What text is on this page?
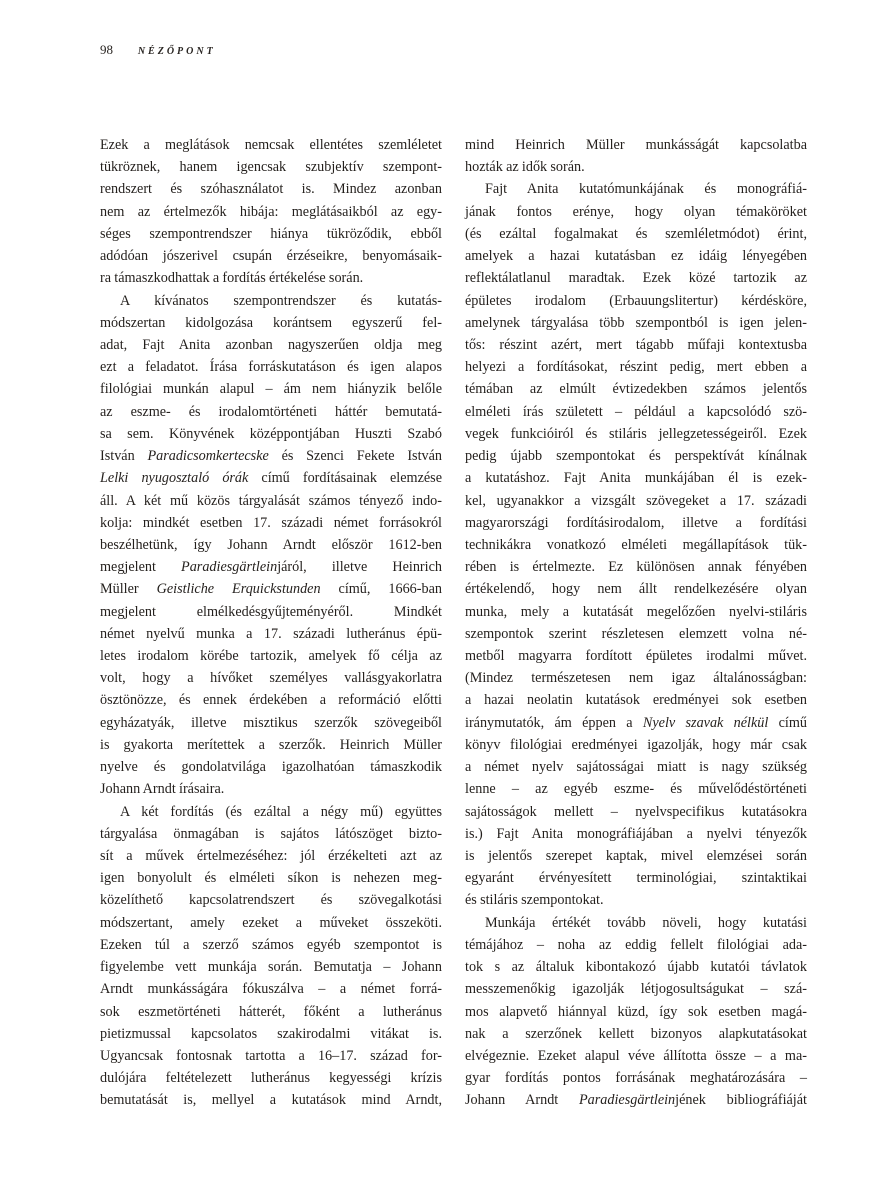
98 NÉZŐPONT
Ezek a meglátások nemcsak ellentétes szemléletet
tükröznek, hanem igencsak szubjektív szempont-
rendszert és szóhasználatot is. Mindez azonban
nem az értelmezők hibája: meglátásaikból az egy-
séges szempontrendszer hiánya tükröződik, ebből
adódóan jószerivel csupán érzéseikre, benyomásaik-
ra támaszkodhattak a fordítás értékelése során.
A kívánatos szempontrendszer és kutatás-
módszertan kidolgozása korántsem egyszerű fel-
adat, Fajt Anita azonban nagyszerűen oldja meg
ezt a feladatot. Írása forráskutatáson és igen alapos
filológiai munkán alapul – ám nem hiányzik belőle
az eszme- és irodalomtörténeti háttér bemutatá-
sa sem. Könyvének középpontjában Huszti Szabó
István Paradicsomkertecske és Szenci Fekete István
Lelki nyugosztaló órák című fordításainak elemzése
áll. A két mű közös tárgyalását számos tényező indo-
kolja: mindkét esetben 17. századi német forrásokról
beszélhetünk, így Johann Arndt először 1612-ben
megjelent Paradiesgärtleinjáról, illetve Heinrich
Müller Geistliche Erquickstunden című, 1666-ban
megjelent elmélkedésgyűjteményéről. Mindkét
német nyelvű munka a 17. századi lutheránus épü-
letes irodalom körébe tartozik, amelyek fő célja az
volt, hogy a hívőket személyes vallásgyakorlatra
ösztönözze, és ennek érdekében a reformáció előtti
egyházatyák, illetve misztikus szerzők szövegeiből
is gyakorta merítettek a szerzők. Heinrich Müller
nyelve és gondolatvilága igazolhatóan támaszkodik
Johann Arndt írásaira.
A két fordítás (és ezáltal a négy mű) együttes
tárgyalása önmagában is sajátos látószöget bizto-
sít a művek értelmezéséhez: jól érzékelteti azt az
igen bonyolult és elméleti síkon is nehezen meg-
közelíthető kapcsolatrendszert és szövegalkotási
módszertant, amely ezeket a műveket összeköti.
Ezeken túl a szerző számos egyéb szempontot is
figyelembe vett munkája során. Bemutatja – Johann
Arndt munkásságára fókuszálva – a német forrá-
sok eszmetörténeti hátterét, főként a lutheránus
pietizmussal kapcsolatos szakirodalmi vitákat is.
Ugyancsak fontosnak tartotta a 16–17. század for-
dulójára feltételezett lutheránus kegyességi krízis
bemutatását is, mellyel a kutatások mind Arndt,
mind Heinrich Müller munkásságát kapcsolatba
hozták az idők során.
Fajt Anita kutatómunkájának és monográfiá-
jának fontos erénye, hogy olyan témaköröket
(és ezáltal fogalmakat és szemléletmódot) érint,
amelyek a hazai kutatásban ez idáig lényegében
reflektálatlanul maradtak. Ezek közé tartozik az
épületes irodalom (Erbauungslitertur) kérdésköre,
amelynek tárgyalása több szempontból is igen jelen-
tős: részint azért, mert tágabb műfaji kontextusba
helyezi a fordításokat, részint pedig, mert ebben a
témában az elmúlt évtizedekben számos jelentős
elméleti írás született – például a kapcsolódó szö-
vegek funkcióiról és stiláris jellegzetességeiről. Ezek
pedig újabb szempontokat és perspektívát kínálnak
a kutatáshoz. Fajt Anita munkájában él is ezek-
kel, ugyanakkor a vizsgált szövegeket a 17. századi
magyarországi fordításirodalom, illetve a fordítási
technikákra vonatkozó elméleti megállapítások tük-
rében is értelmezte. Ez különösen annak fényében
értékelendő, hogy nem állt rendelkezésére olyan
munka, mely a kutatását megelőzően nyelvi-stiláris
szempontok szerint részletesen elemzett volna né-
metből magyarra fordított épületes irodalmi művet.
(Mindez természetesen nem igaz általánosságban:
a hazai neolatin kutatások eredményei sok esetben
iránymutatók, ám éppen a Nyelv szavak nélkül című
könyv filológiai eredményei igazolják, hogy már csak
a német nyelv sajátosságai miatt is nagy szükség
lenne – az egyéb eszme- és művelődéstörténeti
sajátosságok mellett – nyelvspecifikus kutatásokra
is.) Fajt Anita monográfiájában a nyelvi tényezők
is jelentős szerepet kaptak, mivel elemzései során
egyaránt érvényesített terminológiai, szintaktikai
és stiláris szempontokat.
Munkája értékét tovább növeli, hogy kutatási
témájához – noha az eddig fellelt filológiai ada-
tok s az általuk kibontakozó újabb kutatói távlatok
messzemenőkig igazolják létjogosultságukat – szá-
mos alapvető hiánnyal küzd, így sok esetben magá-
nak a szerzőnek kellett bizonyos alapkutatásokat
elvégeznie. Ezeket alapul véve állította össze – a ma-
gyar fordítás pontos forrásának meghatározására –
Johann Arndt Paradiesgärtleinjének bibliográfiáját
